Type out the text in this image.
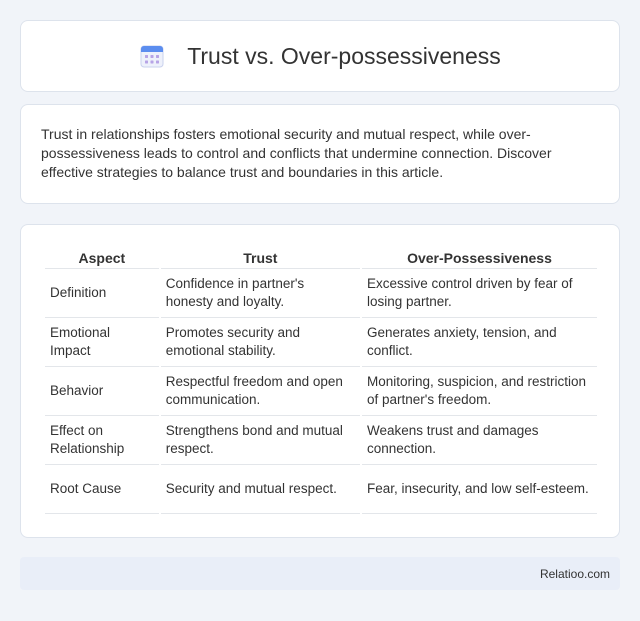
Trust vs. Over-possessiveness

Trust in relationships fosters emotional security and mutual respect, while over-possessiveness leads to control and conflicts that undermine connection. Discover effective strategies to balance trust and boundaries in this article.

Aspect	Trust	Over-Possessiveness
Definition	Confidence in partner's honesty and loyalty.	Excessive control driven by fear of losing partner.
Emotional Impact	Promotes security and emotional stability.	Generates anxiety, tension, and conflict.
Behavior	Respectful freedom and open communication.	Monitoring, suspicion, and restriction of partner's freedom.
Effect on Relationship	Strengthens bond and mutual respect.	Weakens trust and damages connection.
Root Cause	Security and mutual respect.	Fear, insecurity, and low self-esteem.
Relatioo.com
